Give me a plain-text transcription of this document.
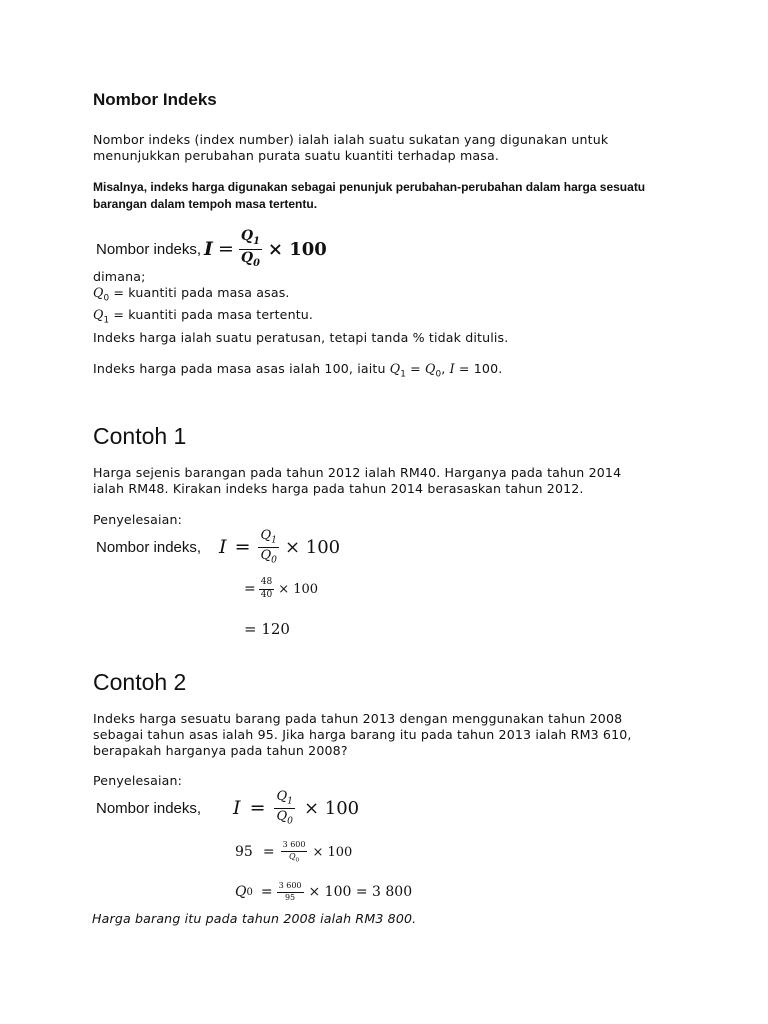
Nombor Indeks
Nombor indeks (index number) ialah ialah suatu sukatan yang digunakan untuk
menunjukkan perubahan purata suatu kuantiti terhadap masa.
Misalnya, indeks harga digunakan sebagai penunjuk perubahan-perubahan dalam harga sesuatu
barangan dalam tempoh masa tertentu.
Nombor indeks, $I = \frac{Q_1}{Q_0} \times 100$
dimana;
$Q_0$ = kuantiti pada masa asas.
$Q_1$ = kuantiti pada masa tertentu.
Indeks harga ialah suatu peratusan, tetapi tanda % tidak ditulis.
Indeks harga pada masa asas ialah 100, iaitu $Q_1 = Q_0$, I = 100.
Contoh 1
Harga sejenis barangan pada tahun 2012 ialah RM40. Harganya pada tahun 2014
ialah RM48. Kirakan indeks harga pada tahun 2014 berasaskan tahun 2012.
Penyelesaian:
Nombor indeks, $I = \frac{Q_1}{Q_0} \times 100$
= $\frac{48}{40} \times 100$
= 120
Contoh 2
Indeks harga sesuatu barang pada tahun 2013 dengan menggunakan tahun 2008
sebagai tahun asas ialah 95. Jika harga barang itu pada tahun 2013 ialah RM3 610,
berapakah harganya pada tahun 2008?
Penyelesaian:
Nombor indeks, $I = \frac{Q_1}{Q_0} \times 100$
$95 = \frac{3 600}{Q_0} \times 100$
Q $0 = \frac{3 600}{95} \times 100 = 3$ 800
Harga barang itu pada tahun 2008 ialah RM3 800.
